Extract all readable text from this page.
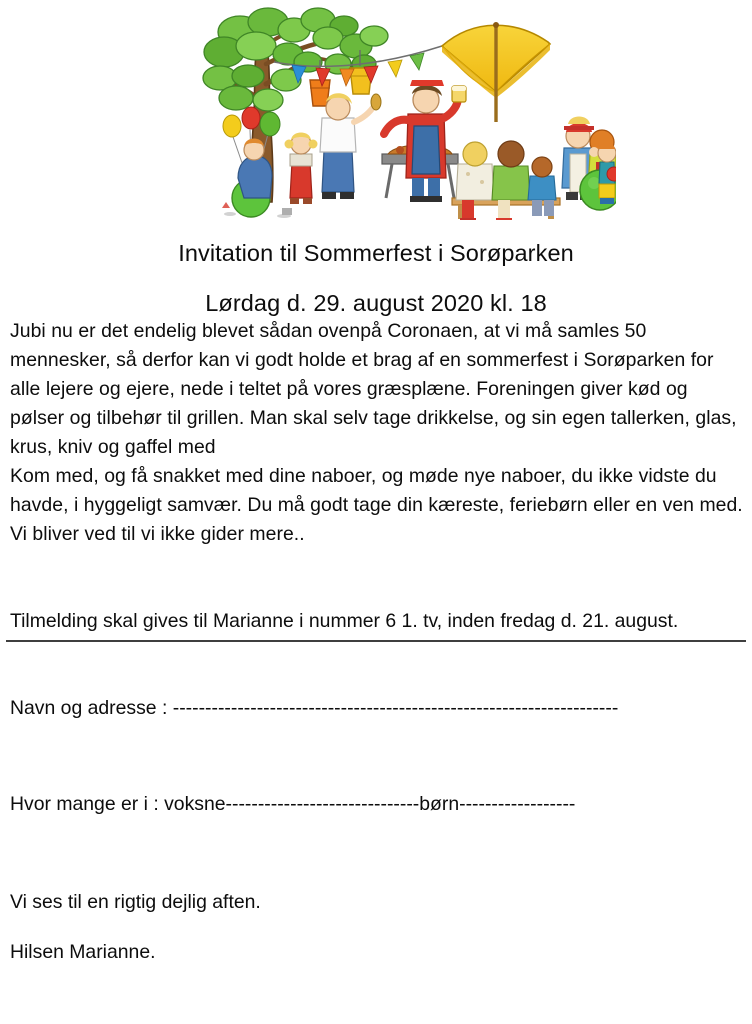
Invitation til Sommerfest i Sorøparken
Lørdag d. 29. august 2020 kl. 18

Jubi nu er det endelig blevet sådan ovenpå Coronaen, at vi må samles 50 mennesker, så derfor kan vi godt holde et brag af en sommerfest i Sorøparken for alle lejere og ejere, nede i teltet på vores græsplæne. Foreningen giver kød og pølser og tilbehør til grillen. Man skal selv tage drikkelse, og sin egen tallerken, glas, krus, kniv og gaffel med

Kom med, og få snakket med dine naboer, og møde nye naboer, du ikke vidste du havde, i hyggeligt samvær. Du må godt tage din kæreste, feriebørn eller en ven med. Vi bliver ved til vi ikke gider mere..

Tilmelding skal gives til Marianne i nummer 6 1. tv, inden fredag d. 21. august.

Navn og adresse : ---------------------------------------------------------------------

Hvor mange er i : voksne------------------------------børn------------------

Vi ses til en rigtig dejlig aften.

Hilsen Marianne.
